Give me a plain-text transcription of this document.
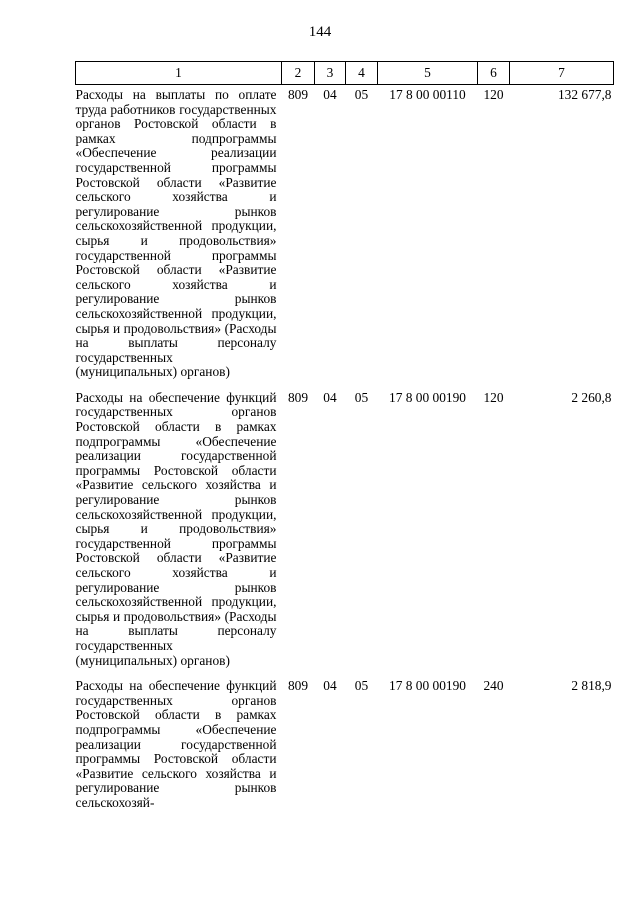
144
1	2	3	4	5	6	7
Расходы на выплаты по оплате труда работников государственных органов Ростовской области в рамках подпрограммы «Обеспечение реализации государственной программы Ростовской области «Развитие сельского хозяйства и регулирование рынков сельскохозяйственной продукции, сырья и продовольствия» государственной программы Ростовской области «Развитие сельского хозяйства и регулирование рынков сельскохозяйственной продукции, сырья и продовольствия» (Расходы на выплаты персоналу государственных (муниципальных) органов)	809	04	05	17 8 00 00110	120	132 677,8
Расходы на обеспечение функций государственных органов Ростовской области в рамках подпрограммы «Обеспечение реализации государственной программы Ростовской области «Развитие сельского хозяйства и регулирование рынков сельскохозяйственной продукции, сырья и продовольствия» государственной программы Ростовской области «Развитие сельского хозяйства и регулирование рынков сельскохозяйственной продукции, сырья и продовольствия» (Расходы на выплаты персоналу государственных (муниципальных) органов)	809	04	05	17 8 00 00190	120	2 260,8
Расходы на обеспечение функций государственных органов Ростовской области в рамках подпрограммы «Обеспечение реализации государственной программы Ростовской области «Развитие сельского хозяйства и регулирование рынков сельскохозяй-	809	04	05	17 8 00 00190	240	2 818,9
